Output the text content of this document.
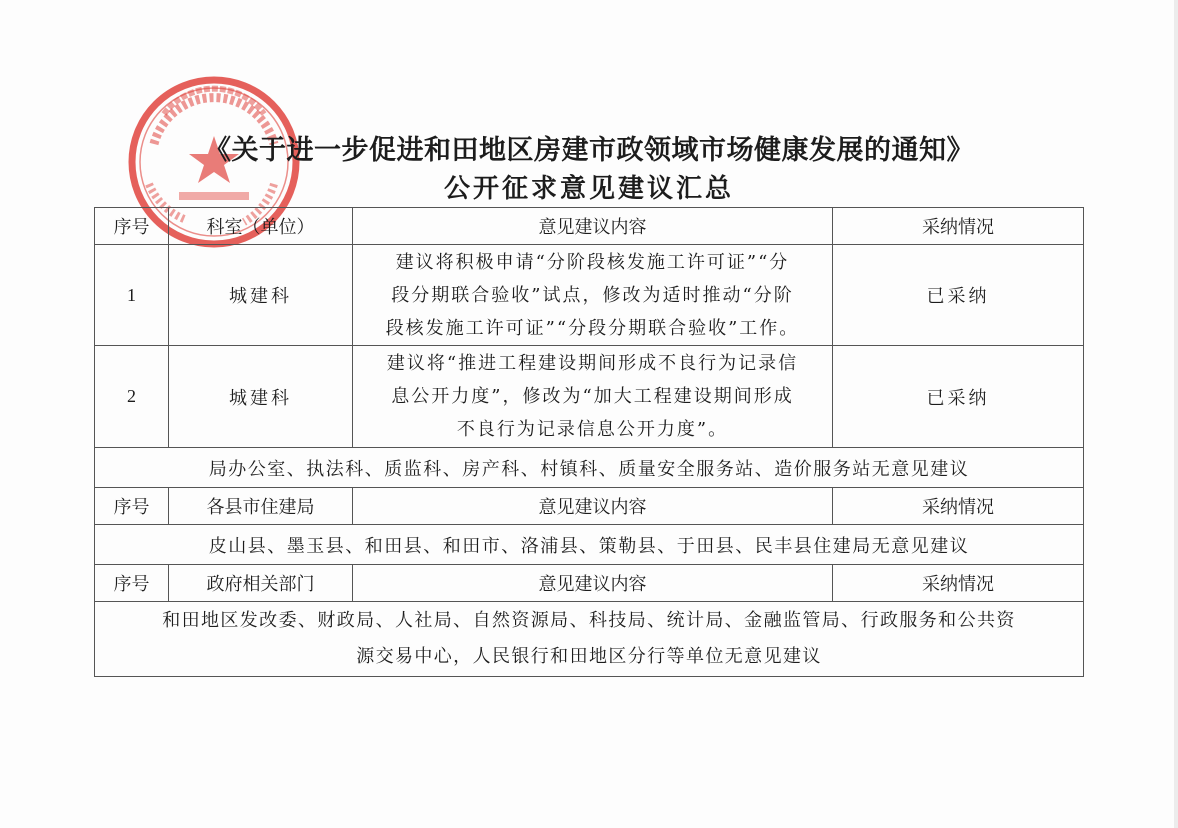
《关于进一步促进和田地区房建市政领域市场健康发展的通知》
公开征求意见建议汇总
序号	科室（单位）	意见建议内容	采纳情况
1	城建科	建议将积极申请“分阶段核发施工许可证”“分
段分期联合验收”试点，修改为适时推动“分阶
段核发施工许可证”“分段分期联合验收”工作。	已采纳
2	城建科	建议将“推进工程建设期间形成不良行为记录信
息公开力度”，修改为“加大工程建设期间形成
不良行为记录信息公开力度”。	已采纳
局办公室、执法科、质监科、房产科、村镇科、质量安全服务站、造价服务站无意见建议			
序号	各县市住建局	意见建议内容	采纳情况
皮山县、墨玉县、和田县、和田市、洛浦县、策勒县、于田县、民丰县住建局无意见建议			
序号	政府相关部门	意见建议内容	采纳情况

和田地区发改委、财政局、人社局、自然资源局、科技局、统计局、金融监管局、行政服务和公共资
源交易中心，人民银行和田地区分行等单位无意见建议			
